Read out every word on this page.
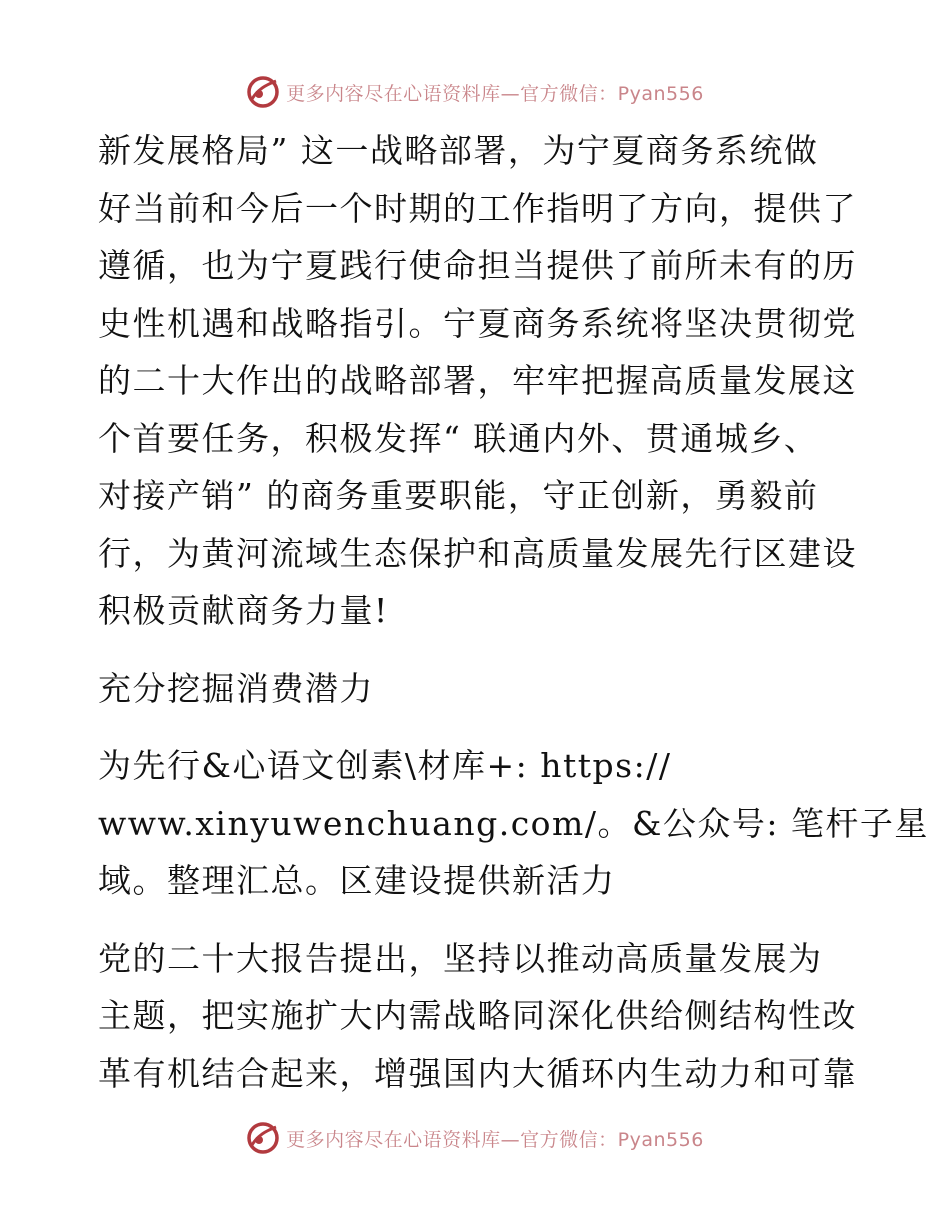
更多内容尽在心语资料库—官方微信：Pyan556
新发展格局” 这一战略部署，为宁夏商务系统做
好当前和今后一个时期的工作指明了方向，提供了
遵循，也为宁夏践行使命担当提供了前所未有的历
史性机遇和战略指引。宁夏商务系统将坚决贯彻党
的二十大作出的战略部署，牢牢把握高质量发展这
个首要任务，积极发挥“ 联通内外、贯通城乡、
对接产销” 的商务重要职能，守正创新，勇毅前
行，为黄河流域生态保护和高质量发展先行区建设
积极贡献商务力量!
充分挖掘消费潜力
为先行&心语文创素\材库+: https://
www.xinyuwenchuang.com/。&公众号: 笔杆子星
域。整理汇总。区建设提供新活力
党的二十大报告提出，坚持以推动高质量发展为
主题，把实施扩大内需战略同深化供给侧结构性改
革有机结合起来，增强国内大循环内生动力和可靠
更多内容尽在心语资料库—官方微信：Pyan556
